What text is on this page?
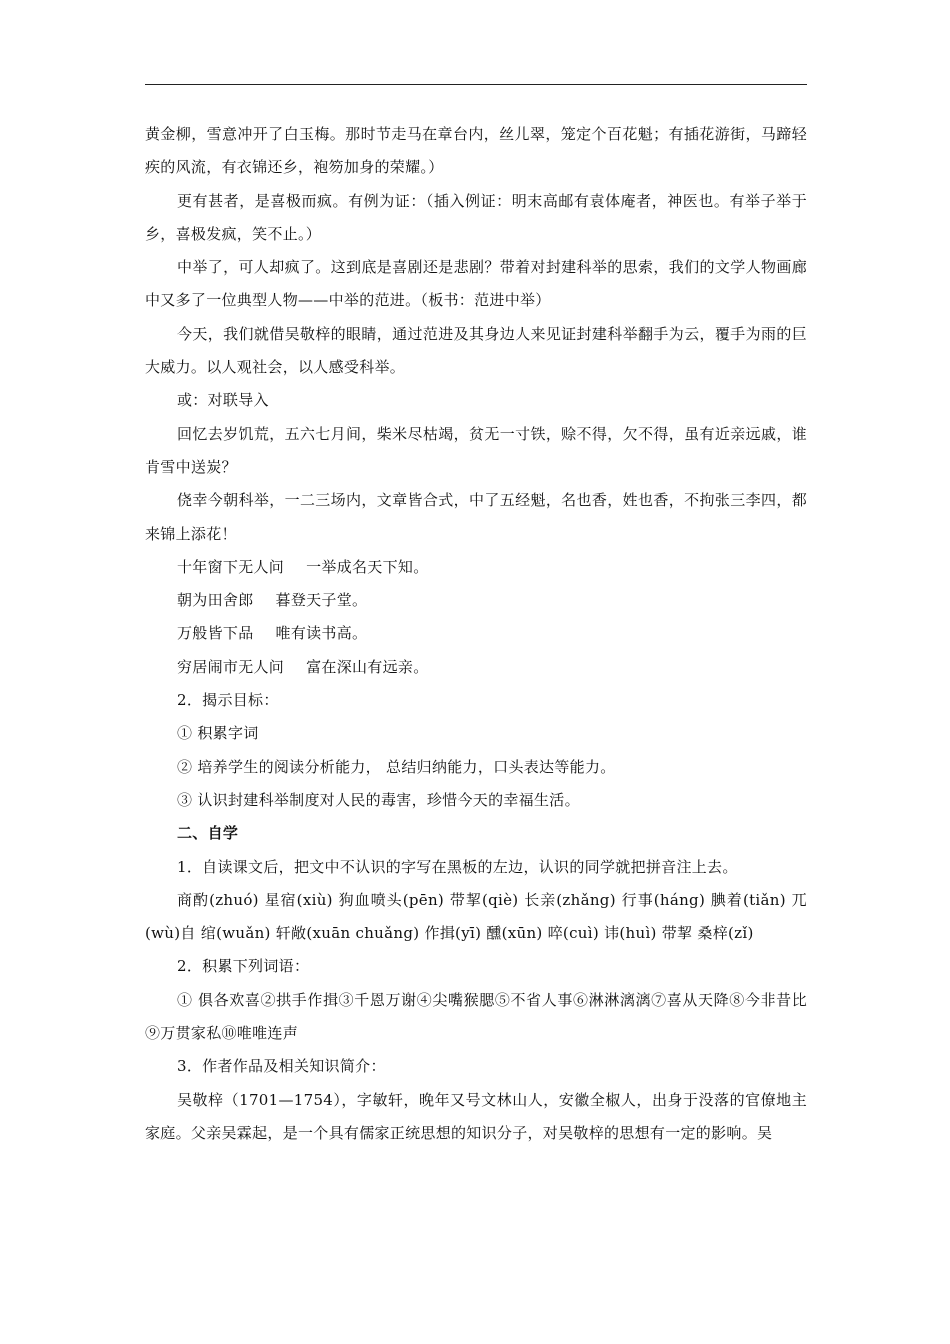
黄金柳，雪意冲开了白玉梅。那时节走马在章台内，丝儿翠，笼定个百花魁；有插花游街，马蹄轻疾的风流，有衣锦还乡，袍笏加身的荣耀。）

更有甚者，是喜极而疯。有例为证：（插入例证：明末高邮有袁体庵者，神医也。有举子举于乡，喜极发疯，笑不止。）

中举了，可人却疯了。这到底是喜剧还是悲剧？带着对封建科举的思索，我们的文学人物画廊中又多了一位典型人物——中举的范进。（板书：范进中举）

今天，我们就借吴敬梓的眼睛，通过范进及其身边人来见证封建科举翻手为云，覆手为雨的巨大威力。以人观社会，以人感受科举。

或：对联导入

回忆去岁饥荒，五六七月间，柴米尽枯竭，贫无一寸铁，赊不得，欠不得，虽有近亲远戚，谁肯雪中送炭？

侥幸今朝科举，一二三场内，文章皆合式，中了五经魁，名也香，姓也香，不拘张三李四，都来锦上添花！

十年窗下无人问 一举成名天下知。

朝为田舍郎 暮登天子堂。

万般皆下品 唯有读书高。

穷居闹市无人问 富在深山有远亲。

2．揭示目标：

① 积累字词

② 培养学生的阅读分析能力， 总结归纳能力，口头表达等能力。

③ 认识封建科举制度对人民的毒害，珍惜今天的幸福生活。

二、自学

1．自读课文后，把文中不认识的字写在黑板的左边，认识的同学就把拼音注上去。

商酌(zhuó) 星宿(xiù) 狗血喷头(pēn) 带挈(qiè) 长亲(zhǎng) 行事(háng) 腆着(tiǎn) 兀(wù)自 绾(wuǎn) 轩敞(xuān chuǎng) 作揖(yī) 醺(xūn) 啐(cuì) 讳(huì) 带挈 桑梓(zǐ)

2．积累下列词语：

① 俱各欢喜②拱手作揖③千恩万谢④尖嘴猴腮⑤不省人事⑥淋淋漓漓⑦喜从天降⑧今非昔比⑨万贯家私⑩唯唯连声

3．作者作品及相关知识简介：

吴敬梓（1701—1754），字敏轩，晚年又号文林山人，安徽全椒人，出身于没落的官僚地主家庭。父亲吴霖起，是一个具有儒家正统思想的知识分子，对吴敬梓的思想有一定的影响。吴
